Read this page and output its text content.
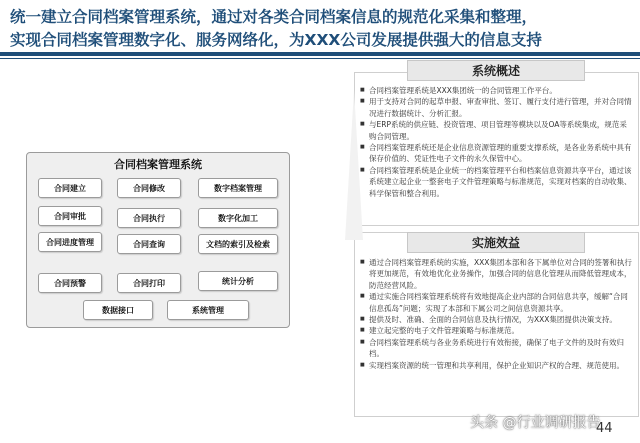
统一建立合同档案管理系统，通过对各类合同档案信息的规范化采集和整理，
实现合同档案管理数字化、服务网络化，为XXX公司发展提供强大的信息支持
合同档案管理系统
合同建立	合同修改	数字档案管理
合同审批	合同执行	数字化加工
合同进度管理	合同查询	文档的索引及检索
合同预警	合同打印	统计分析
数据接口	系统管理
系统概述
■ 合同档案管理系统是XXX集团统一的合同管理工作平台。
■ 用于支持对合同的起草申报、审查审批、签订、履行支付进行管理，并对合同情况进行数据统计、分析汇报。
■ 与ERP系统的供应链、投资管理、项目管理等模块以及OA等系统集成，规范采购合同管理。
■ 合同档案管理系统还是企业信息资源管理的重要支撑系统，是各业务系统中具有保存价值的、凭证性电子文件的永久保管中心。
■ 合同档案管理系统是企业统一的档案管理平台和档案信息资源共享平台，通过该系统建立起企业一整套电子文件管理策略与标准规范，实现对档案的自动收集、科学保管和整合利用。
实施效益
■ 通过合同档案管理系统的实施，XXX集团本部和各下属单位对合同的签署和执行将更加规范，有效地优化业务操作，加强合同的信息化管理从而降低管理成本，防范经营风险。
■ 通过实施合同档案管理系统将有效地提高企业内部的合同信息共享，缓解“合同信息孤岛”问题；实现了本部和下属公司之间信息资源共享。
■ 提供及时、准确、全面的合同信息及执行情况，为XXX集团提供决策支持。
■ 建立起完整的电子文件管理策略与标准规范。
■ 合同档案管理系统与各业务系统进行有效衔接，确保了电子文件的及时有效归档。
■ 实现档案资源的统一管理和共享利用，保护企业知识产权的合理、规范使用。
头条 @行业调研报告
44
